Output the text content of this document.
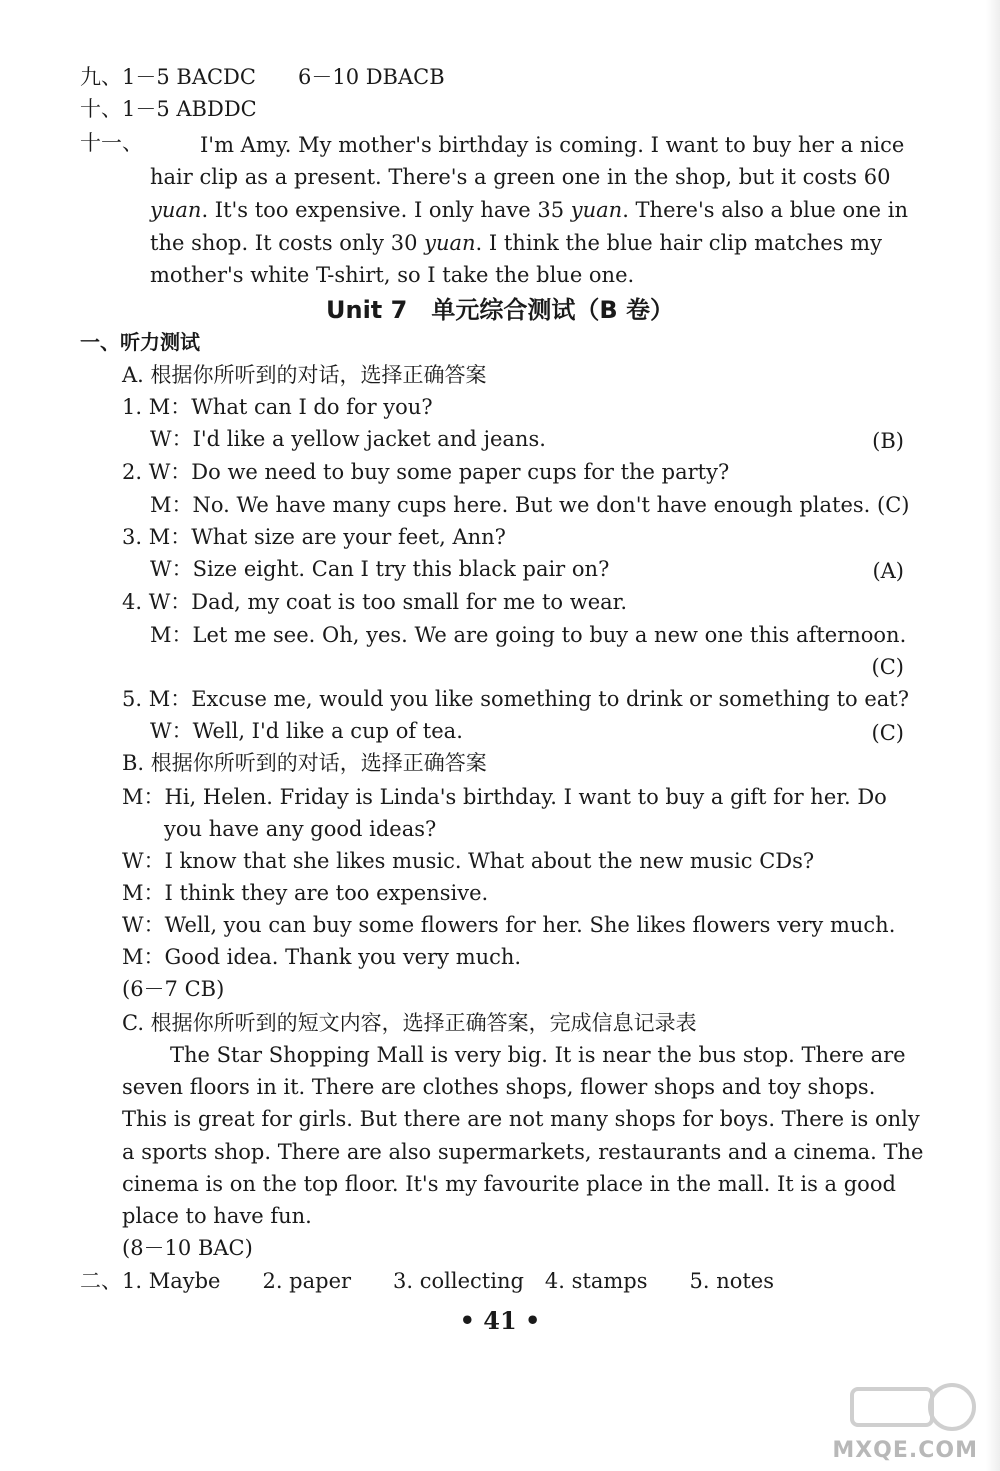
九、1－5 BACDC　　6－10 DBACB
十、1－5 ABDDC
十一、	I'm Amy. My mother's birthday is coming. I want to buy her a nice
hair clip as a present. There's a green one in the shop, but it costs 60
yuan. It's too expensive. I only have 35 yuan. There's also a blue one in
the shop. It costs only 30 yuan. I think the blue hair clip matches my
mother's white T-shirt, so I take the blue one.
Unit 7　单元综合测试（B 卷）
一、听力测试
A. 根据你所听到的对话，选择正确答案
1. M：What can I do for you?
W：I'd like a yellow jacket and jeans.	(B)
2. W：Do we need to buy some paper cups for the party?
M：No. We have many cups here. But we don't have enough plates. (C)
3. M：What size are your feet, Ann?
W：Size eight. Can I try this black pair on?	(A)
4. W：Dad, my coat is too small for me to wear.
M：Let me see. Oh, yes. We are going to buy a new one this afternoon.
(C)
5. M：Excuse me, would you like something to drink or something to eat?
W：Well, I'd like a cup of tea.	(C)
B. 根据你所听到的对话，选择正确答案
M：Hi, Helen. Friday is Linda's birthday. I want to buy a gift for her. Do
you have any good ideas?
W：I know that she likes music. What about the new music CDs?
M：I think they are too expensive.
W：Well, you can buy some flowers for her. She likes flowers very much.
M：Good idea. Thank you very much.
(6－7 CB)
C. 根据你所听到的短文内容，选择正确答案，完成信息记录表
The Star Shopping Mall is very big. It is near the bus stop. There are
seven floors in it. There are clothes shops, flower shops and toy shops.
This is great for girls. But there are not many shops for boys. There is only
a sports shop. There are also supermarkets, restaurants and a cinema. The
cinema is on the top floor. It's my favourite place in the mall. It is a good
place to have fun.
(8－10 BAC)
二、1. Maybe　　2. paper　　3. collecting　4. stamps　　5. notes
• 41 •
MXQE.COM
